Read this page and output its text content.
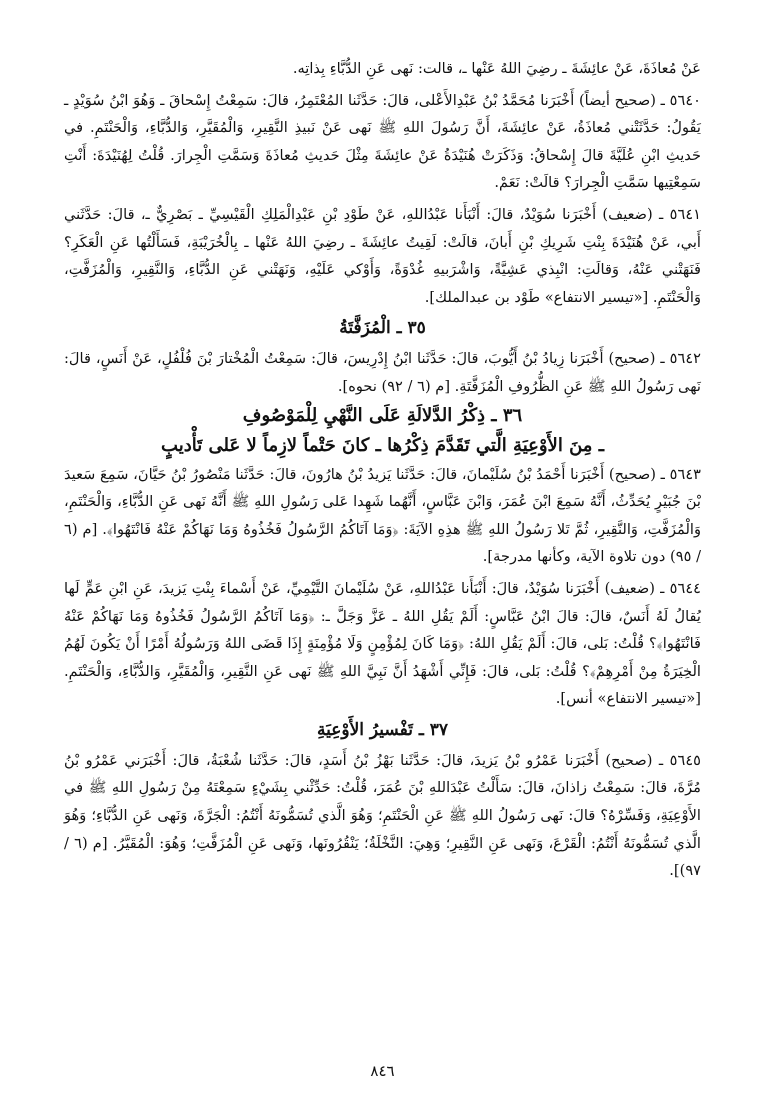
عَنْ مُعاذَةَ، عَنْ عائِشَةَ ـ رضِيَ اللهُ عَنْها ـ، قالت: نَهى عَنِ الدُّبَّاءِ بِذاتِه.

٥٦٤٠ ـ (صحيح أيضاً) أَخْبَرَنا مُحَمَّدُ بْنُ عَبْدِالأَعْلى، قالَ: حَدَّثَنا المُعْتَمِرُ، قالَ: سَمِعْتُ إِسْحاقَ ـ وَهُوَ ابْنُ سُوَيْدٍ ـ يَقُولُ: حَدَّثَتْني مُعاذَةُ، عَنْ عائِشَةَ، أَنَّ رَسُولَ اللهِ ﷺ نَهى عَنْ نَبيذِ النَّقِيرِ، وَالْمُقَيَّرِ، وَالدُّبَّاءِ، وَالْحَنْتَمِ. في حَديثِ ابْنِ عُلَيَّةَ قالَ إِسْحاقُ: وَذَكَرَتْ هُنَيْدَةُ عَنْ عائِشَةَ مِثْلَ حَديثِ مُعاذَةَ وَسَمَّتِ الْجِرارَ. قُلْتُ لِهُنَيْدَةَ: أَنْتِ سَمِعْتِيها سَمَّتِ الْجِرارَ؟ قالَتْ: نَعَمْ.

٥٦٤١ ـ (ضعيف) أَخْبَرَنا سُوَيْدٌ، قالَ: أَنْبَأَنا عَبْدُاللهِ، عَنْ طَوْدِ بْنِ عَبْدِالْمَلِكِ الْقَيْسِيِّ ـ بَصْرِيٌّ ـ، قالَ: حَدَّثَني أَبي، عَنْ هُنَيْدَةَ بِنْتِ شَرِيكِ بْنِ أَبانَ، قالَتْ: لَقِيتُ عائِشَةَ ـ رضِيَ اللهُ عَنْها ـ بِالْخُرَيْبَةِ، فَسَأَلْتُها عَنِ الْعَكَرِ؟ فَنَهَتْني عَنْهُ، وَقالَتِ: انْبِذي عَشِيَّةً، وَاشْرَبيهِ غُدْوَةً، وَأَوْكي عَلَيْهِ، وَنَهَتْني عَنِ الدُّبَّاءِ، وَالنَّقِيرِ، وَالْمُزَفَّتِ، وَالْحَنْتَمِ. [«تيسير الانتفاع» طَوْد بن عبدالملك].

٣٥ ـ الْمُزَفَّتَةُ

٥٦٤٢ ـ (صحيح) أَخْبَرَنا زِيادُ بْنُ أَيُّوبَ، قالَ: حَدَّثَنا ابْنُ إِدْرِيسَ، قالَ: سَمِعْتُ الْمُخْتارَ بْنَ فُلْفُلٍ، عَنْ أَنَسٍ، قالَ: نَهى رَسُولُ اللهِ ﷺ عَنِ الظُّرُوفِ الْمُزَفَّتَةِ. [م (٦ / ٩٢) نحوه].

٣٦ ـ ذِكْرُ الدَّلالَةِ عَلَى النَّهْيِ لِلْمَوْصُوفِ

ـ مِنَ الأَوْعِيَةِ الَّتي تَقَدَّمَ ذِكْرُها ـ كانَ حَتْماً لازِماً لا عَلى تَأْديبٍ

٥٦٤٣ ـ (صحيح) أَخْبَرَنا أَحْمَدُ بْنُ سُلَيْمانَ، قالَ: حَدَّثَنا يَزيدُ بْنُ هارُونَ، قالَ: حَدَّثَنا مَنْصُورُ بْنُ حَيَّانَ، سَمِعَ سَعيدَ بْنَ جُبَيْرٍ يُحَدِّثُ، أَنَّهُ سَمِعَ ابْنَ عُمَرَ، وَابْنَ عَبَّاسٍ، أَنَّهُما شَهِدا عَلى رَسُولِ اللهِ ﷺ أَنَّهُ نَهى عَنِ الدُّبَّاءِ، وَالْحَنْتَمِ، وَالْمُزَفَّتِ، وَالنَّقِيرِ، ثُمَّ تَلا رَسُولُ اللهِ ﷺ هذِهِ الآيَةَ: ﴿وَمَا آتَاكُمُ الرَّسُولُ فَخُذُوهُ وَمَا نَهَاكُمْ عَنْهُ فَانْتَهُوا﴾. [م (٦ / ٩٥) دون تلاوة الآية، وكأنها مدرجة].

٥٦٤٤ ـ (ضعيف) أَخْبَرَنا سُوَيْدٌ، قالَ: أَنْبَأَنا عَبْدُاللهِ، عَنْ سُلَيْمانَ التَّيْمِيِّ، عَنْ أَسْماءَ بِنْتِ يَزيدَ، عَنِ ابْنِ عَمٍّ لَها يُقالُ لَهُ أَنَسٌ، قالَ: قالَ ابْنُ عَبَّاسٍ: أَلَمْ يَقُلِ اللهُ ـ عَزَّ وَجَلَّ ـ: ﴿وَمَا آتَاكُمُ الرَّسُولُ فَخُذُوهُ وَمَا نَهَاكُمْ عَنْهُ فَانْتَهُوا﴾؟ قُلْتُ: بَلى، قالَ: أَلَمْ يَقُلِ اللهُ: ﴿وَمَا كَانَ لِمُؤْمِنٍ وَلَا مُؤْمِنَةٍ إِذَا قَضَى اللهُ وَرَسُولُهُ أَمْرًا أَنْ يَكُونَ لَهُمُ الْخِيَرَةُ مِنْ أَمْرِهِمْ﴾؟ قُلْتُ: بَلى، قالَ: فَإِنِّي أَشْهَدُ أَنَّ نَبِيَّ اللهِ ﷺ نَهى عَنِ النَّقِيرِ، وَالْمُقَيَّرِ، وَالدُّبَّاءِ، وَالْحَنْتَمِ. [«تيسير الانتفاع» أنس].

٣٧ ـ تَفْسيرُ الأَوْعِيَةِ

٥٦٤٥ ـ (صحيح) أَخْبَرَنا عَمْرُو بْنُ يَزيدَ، قالَ: حَدَّثَنا بَهْزُ بْنُ أَسَدٍ، قالَ: حَدَّثَنا شُعْبَةُ، قالَ: أَخْبَرَني عَمْرُو بْنُ مُرَّةَ، قالَ: سَمِعْتُ زاذانَ، قالَ: سَأَلْتُ عَبْدَاللهِ بْنَ عُمَرَ، قُلْتُ: حَدِّثْني بِشَيْءٍ سَمِعْتَهُ مِنْ رَسُولِ اللهِ ﷺ في الأَوْعِيَةِ، وَفَسِّرْهُ؟ قالَ: نَهى رَسُولُ اللهِ ﷺ عَنِ الْحَنْتَمِ؛ وَهُوَ الَّذي تُسَمُّونَهُ أَنْتُمُ: الْجَرَّةَ، وَنَهى عَنِ الدُّبَّاءِ؛ وَهُوَ الَّذي تُسَمُّونَهُ أَنْتُمُ: الْقَرْعَ، وَنَهى عَنِ النَّقِيرِ؛ وَهِيَ: النَّخْلَةُ؛ يَنْقُرُونَها، وَنَهى عَنِ الْمُزَفَّتِ؛ وَهُوَ: الْمُقَيَّرُ. [م (٦ / ٩٧)].

٨٤٦
